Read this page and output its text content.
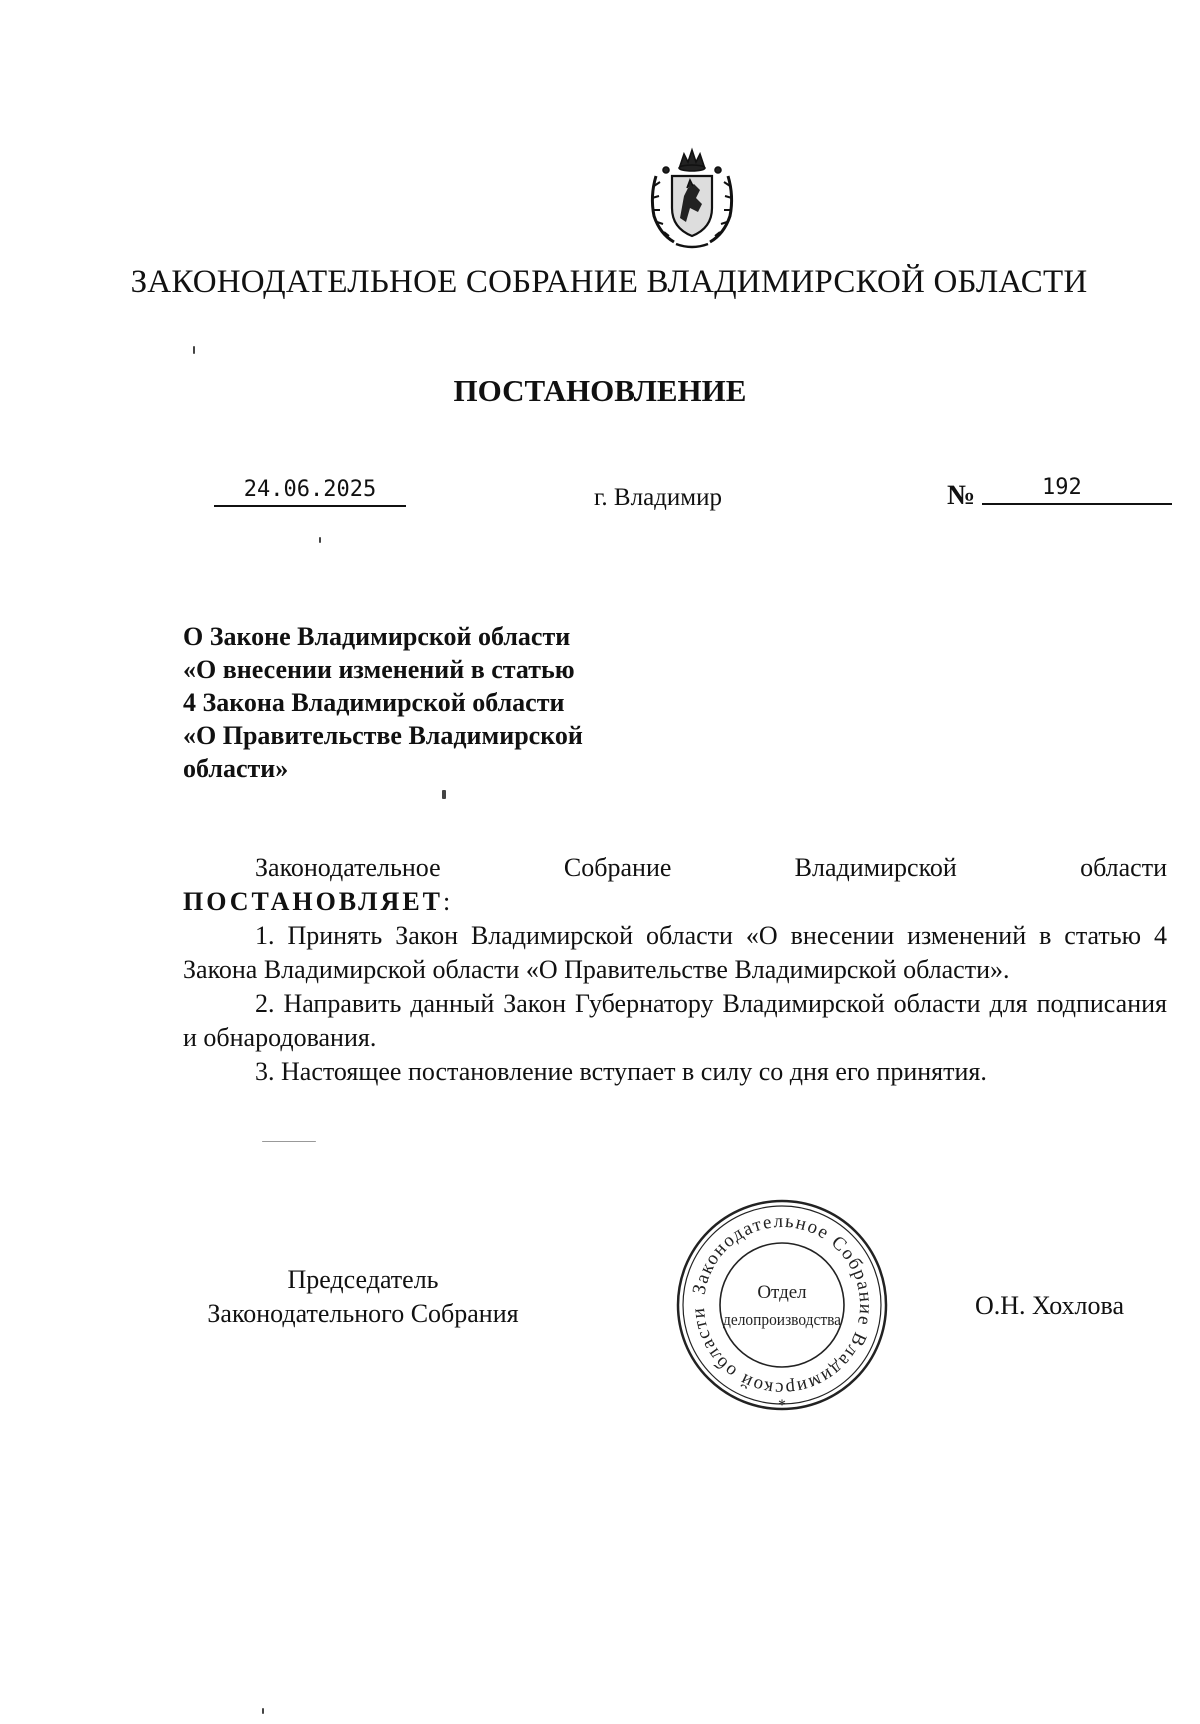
ЗАКОНОДАТЕЛЬНОЕ СОБРАНИЕ ВЛАДИМИРСКОЙ ОБЛАСТИ
ПОСТАНОВЛЕНИЕ
24.06.2025	г. Владимир	№	192
О Законе Владимирской области
«О внесении изменений в статью
4 Закона Владимирской области
«О Правительстве Владимирской
области»
Законодательное	Собрание	Владимирской	области
ПОСТАНОВЛЯЕТ:

1. Принять Закон Владимирской области «О внесении изменений в статью 4 Закона Владимирской области «О Правительстве Владимирской области».

2. Направить данный Закон Губернатору Владимирской области для подписания и обнародования.

3. Настоящее постановление вступает в силу со дня его принятия.

Председатель
Законодательного Собрания
Законодательное Собрание Владимирской области
*
Отдел
делопроизводства	О.Н. Хохлова
